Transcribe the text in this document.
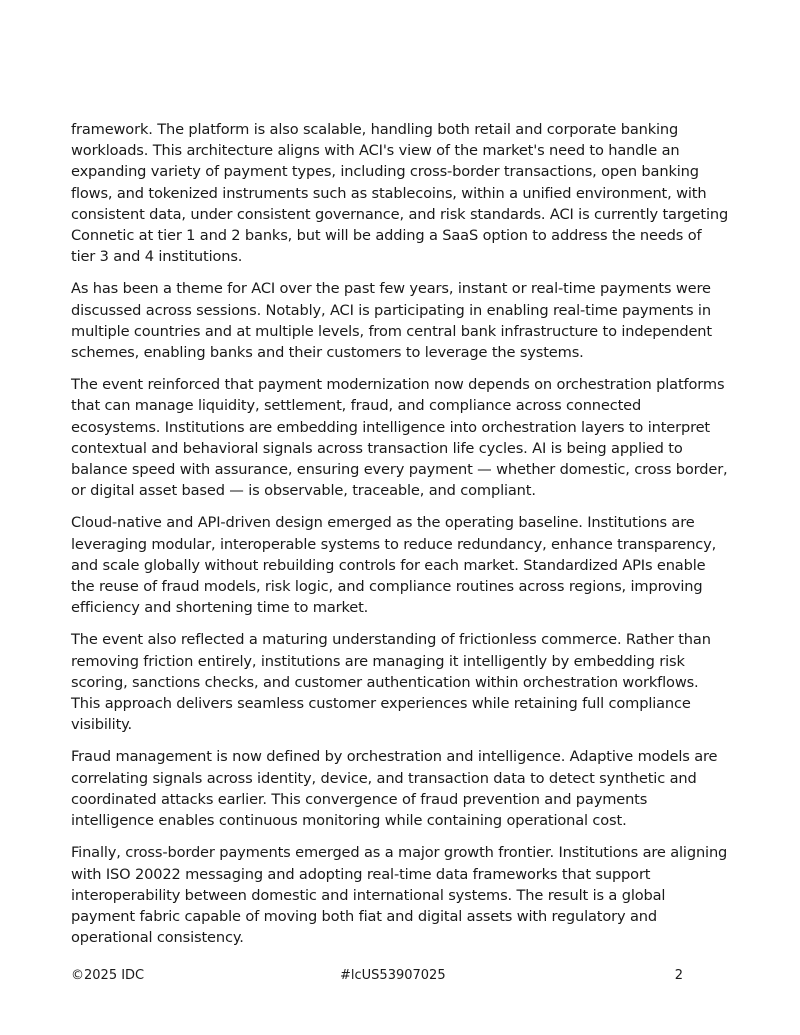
framework. The platform is also scalable, handling both retail and corporate banking workloads. This architecture aligns with ACI's view of the market's need to handle an expanding variety of payment types, including cross-border transactions, open banking flows, and tokenized instruments such as stablecoins, within a unified environment, with consistent data, under consistent governance, and risk standards. ACI is currently targeting Connetic at tier 1 and 2 banks, but will be adding a SaaS option to address the needs of tier 3 and 4 institutions.

As has been a theme for ACI over the past few years, instant or real-time payments were discussed across sessions. Notably, ACI is participating in enabling real-time payments in multiple countries and at multiple levels, from central bank infrastructure to independent schemes, enabling banks and their customers to leverage the systems.

The event reinforced that payment modernization now depends on orchestration platforms that can manage liquidity, settlement, fraud, and compliance across connected ecosystems. Institutions are embedding intelligence into orchestration layers to interpret contextual and behavioral signals across transaction life cycles. AI is being applied to balance speed with assurance, ensuring every payment — whether domestic, cross border, or digital asset based — is observable, traceable, and compliant.

Cloud-native and API-driven design emerged as the operating baseline. Institutions are leveraging modular, interoperable systems to reduce redundancy, enhance transparency, and scale globally without rebuilding controls for each market. Standardized APIs enable the reuse of fraud models, risk logic, and compliance routines across regions, improving efficiency and shortening time to market.

The event also reflected a maturing understanding of frictionless commerce. Rather than removing friction entirely, institutions are managing it intelligently by embedding risk scoring, sanctions checks, and customer authentication within orchestration workflows. This approach delivers seamless customer experiences while retaining full compliance visibility.

Fraud management is now defined by orchestration and intelligence. Adaptive models are correlating signals across identity, device, and transaction data to detect synthetic and coordinated attacks earlier. This convergence of fraud prevention and payments intelligence enables continuous monitoring while containing operational cost.

Finally, cross-border payments emerged as a major growth frontier. Institutions are aligning with ISO 20022 messaging and adopting real-time data frameworks that support interoperability between domestic and international systems. The result is a global payment fabric capable of moving both fiat and digital assets with regulatory and operational consistency.

©2025 IDC	#lcUS53907025	2
